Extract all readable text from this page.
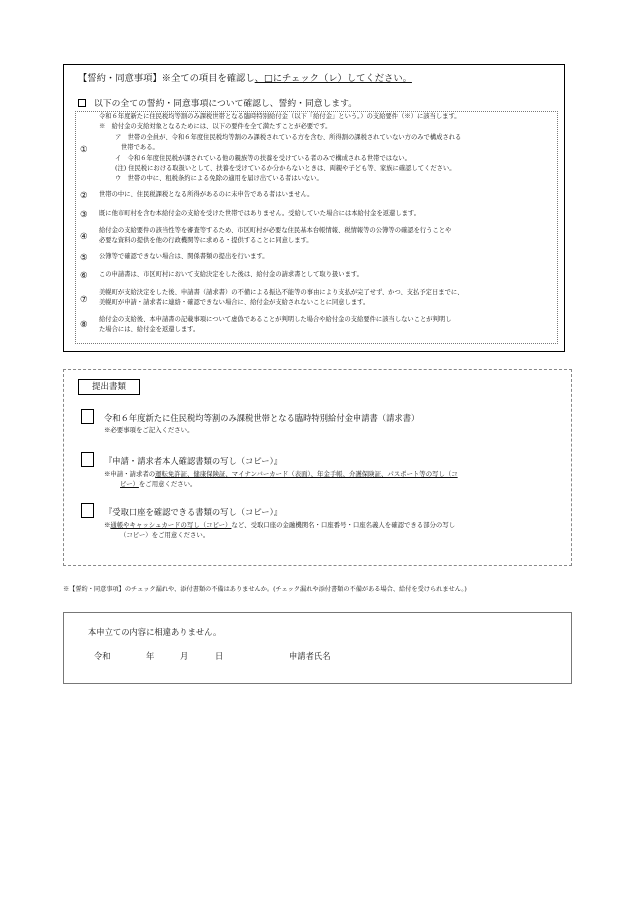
【誓約・同意事項】※全ての項目を確認し、□にチェック（レ）してください。
以下の全ての誓約・同意事項について確認し、誓約・同意します。
①
令和６年度新たに住民税均等割のみ課税世帯となる臨時特別給付金（以下「給付金」という。）の支給要件（※）に該当します。
※　給付金の支給対象となるためには、以下の要件を全て満たすことが必要です。
ア　世帯の全員が、令和６年度住民税均等割のみ課税されている方を含む、所得割の課税されていない方のみで構成される
世帯である。
イ　令和６年度住民税が課されている他の親族等の扶養を受けている者のみで構成される世帯ではない。
(注) 住民税における取扱いとして、扶養を受けているか分からないときは、両親や子ども等、家族に確認してください。
ウ　世帯の中に、租税条約による免除の適用を届け出ている者はいない。
② 世帯の中に、住民税課税となる所得があるのに未申告である者はいません。
③ 既に他市町村を含む本給付金の支給を受けた世帯ではありません。受給していた場合には本給付金を返還します。
④
給付金の支給要件の該当性等を審査等するため、市区町村が必要な住民基本台帳情報、税情報等の公簿等の確認を行うことや
必要な資料の提供を他の行政機関等に求める・提供することに同意します。
⑤ 公簿等で確認できない場合は、関係書類の提出を行います。
⑥ この申請書は、市区町村において支給決定をした後は、給付金の請求書として取り扱います。
⑦
美幌町が支給決定をした後、申請書（請求書）の不備による振込不能等の事由により支払が完了せず、かつ、支払予定日までに、
美幌町が申請・請求者に連絡・確認できない場合に、給付金が支給されないことに同意します。
⑧
給付金の支給後、本申請書の記載事項について虚偽であることが判明した場合や給付金の支給要件に該当しないことが判明し
た場合には、給付金を返還します。
提出書類
令和６年度新たに住民税均等割のみ課税世帯となる臨時特別給付金申請書（請求書）
※必要事項をご記入ください。
『申請・請求者本人確認書類の写し（コピー）』
※申請・請求者の運転免許証、健康保険証、マイナンバーカード（表面）、年金手帳、介護保険証、パスポート等の写し（コ
ピー）をご用意ください。
『受取口座を確認できる書類の写し（コピー）』
※通帳やキャッシュカードの写し（コピー）など、受取口座の金融機関名・口座番号・口座名義人を確認できる部分の写し
（コピー）をご用意ください。
※【誓約・同意事項】のチェック漏れや、添付書類の不備はありませんか。(チェック漏れや添付書類の不備がある場合、給付を受けられません。)
本申立ての内容に相違ありません。
令和	年	月	日	申請者氏名
